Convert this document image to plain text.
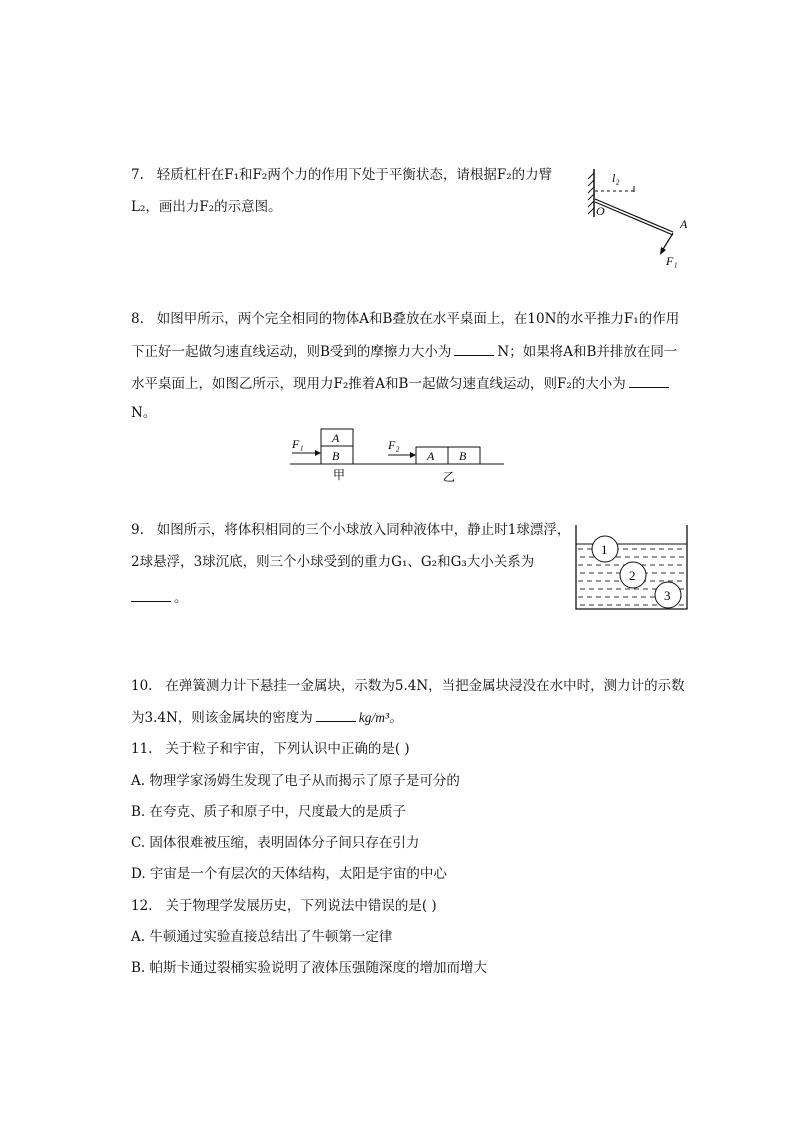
7. 轻质杠杆在F₁和F₂两个力的作用下处于平衡状态，请根据F₂的力臂
L₂，画出力F₂的示意图。
l₂
O
A
F₁
8. 如图甲所示，两个完全相同的物体A和B叠放在水平桌面上，在10N的水平推力F₁的作用
下正好一起做匀速直线运动，则B受到的摩擦力大小为	N；如果将A和B并排放在同一
水平桌面上，如图乙所示，现用力F₂推着A和B一起做匀速直线运动，则F₂的大小为
N。
A
B
F₁
甲
A B
F₂
乙
9. 如图所示，将体积相同的三个小球放入同种液体中，静止时1球漂浮，
2球悬浮，3球沉底，则三个小球受到的重力G₁、G₂和G₃大小关系为
。
1
2
3
10. 在弹簧测力计下悬挂一金属块，示数为5.4N，当把金属块浸没在水中时，测力计的示数
为3.4N，则该金属块的密度为	kg/m³。
11. 关于粒子和宇宙，下列认识中正确的是( )
A. 物理学家汤姆生发现了电子从而揭示了原子是可分的
B. 在夸克、质子和原子中，尺度最大的是质子
C. 固体很难被压缩，表明固体分子间只存在引力
D. 宇宙是一个有层次的天体结构，太阳是宇宙的中心
12. 关于物理学发展历史，下列说法中错误的是( )
A. 牛顿通过实验直接总结出了牛顿第一定律
B. 帕斯卡通过裂桶实验说明了液体压强随深度的增加而增大
